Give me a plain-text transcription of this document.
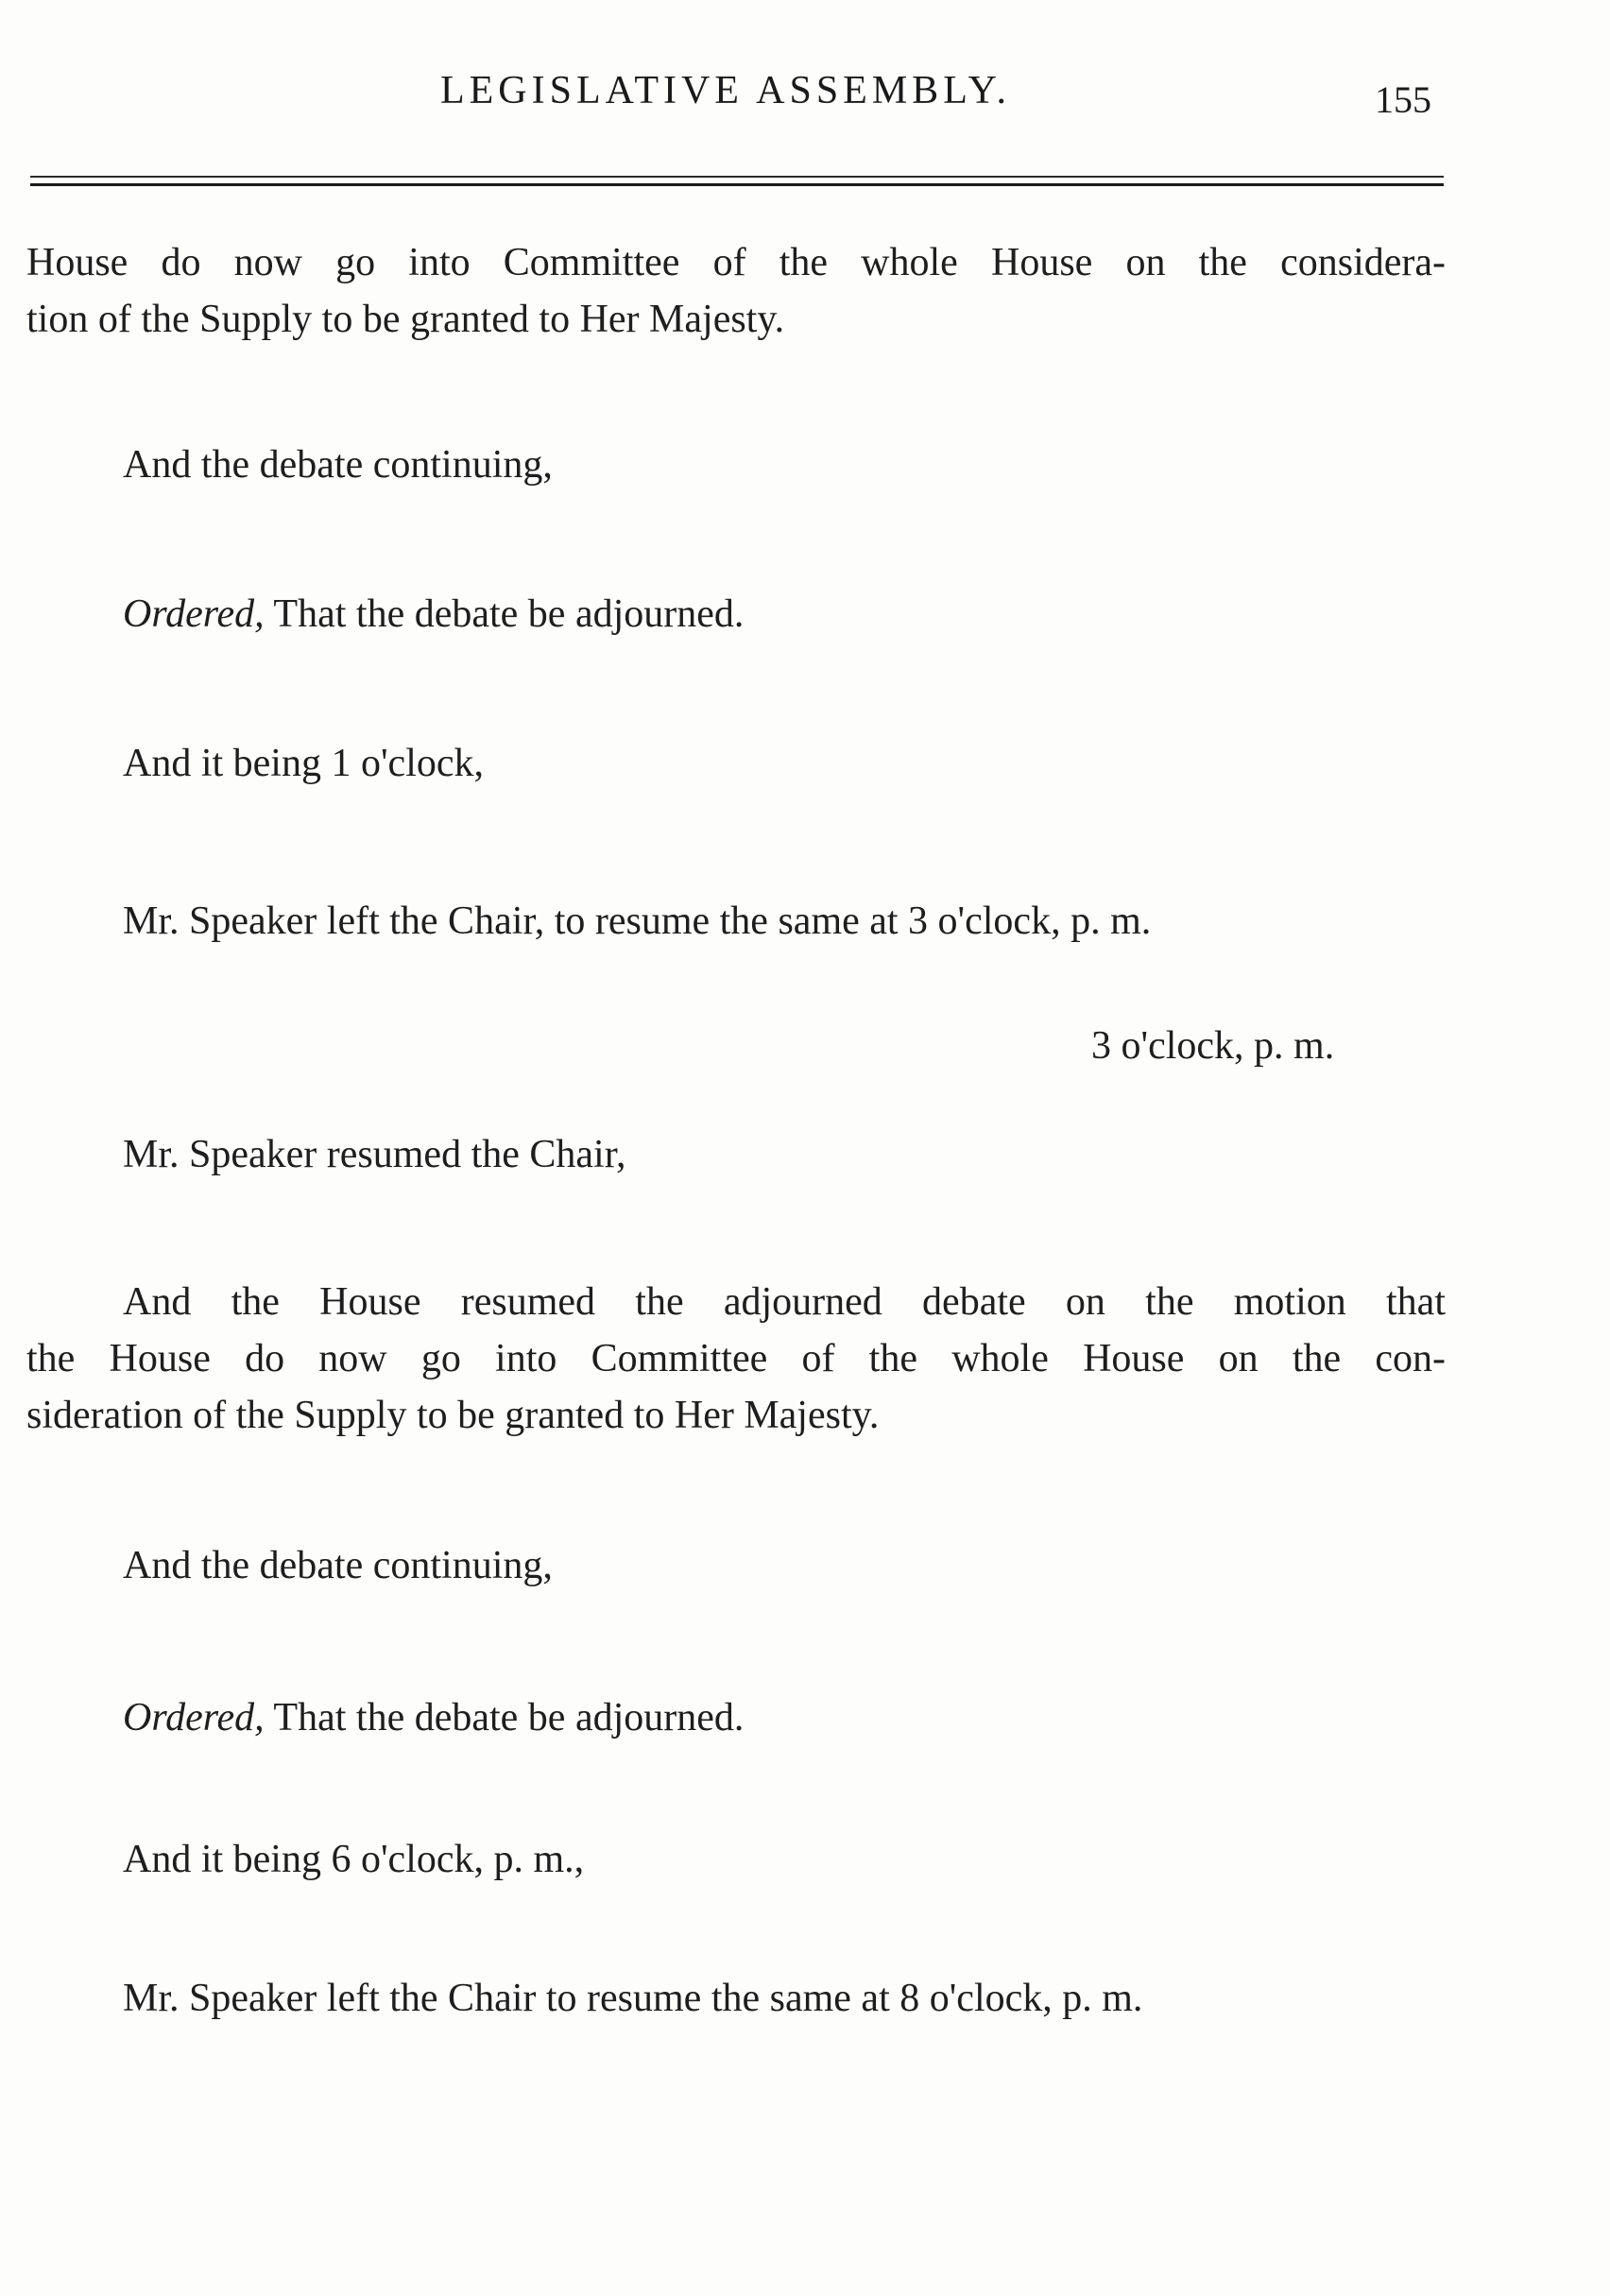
LEGISLATIVE ASSEMBLY.	155
House do now go into Committee of the whole House on the considera-
tion of the Supply to be granted to Her Majesty.
And the debate continuing,
Ordered, That the debate be adjourned.
And it being 1 o'clock,
Mr. Speaker left the Chair, to resume the same at 3 o'clock, p. m.
3 o'clock, p. m.
Mr. Speaker resumed the Chair,
And the House resumed the adjourned debate on the motion that
the House do now go into Committee of the whole House on the con-
sideration of the Supply to be granted to Her Majesty.
And the debate continuing,
Ordered, That the debate be adjourned.
And it being 6 o'clock, p. m.,
Mr. Speaker left the Chair to resume the same at 8 o'clock, p. m.
